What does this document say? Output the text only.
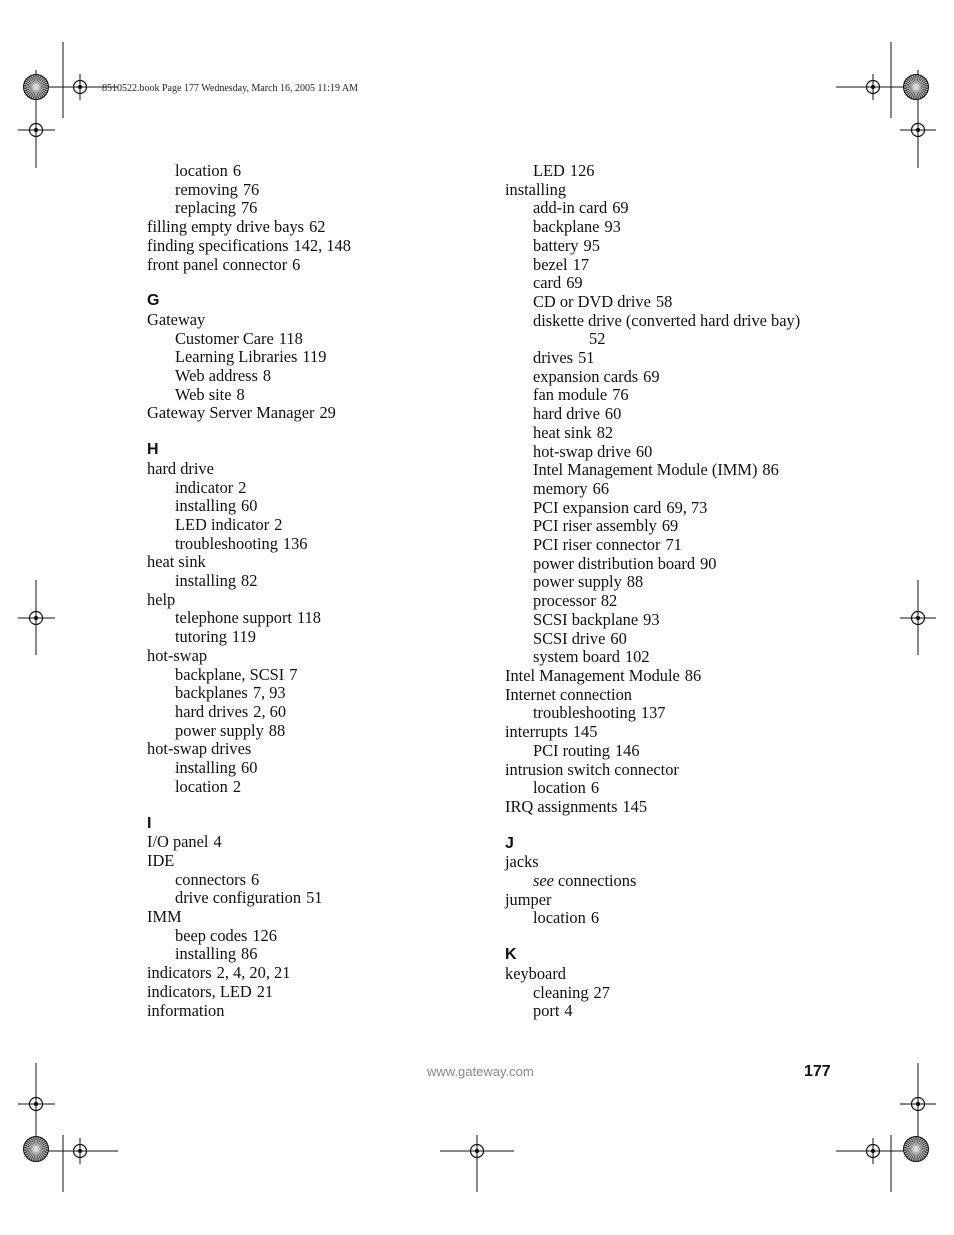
8510522.book Page 177 Wednesday, March 16, 2005 11:19 AM
location 6
removing 76
replacing 76
filling empty drive bays 62
finding specifications 142, 148
front panel connector 6
G
Gateway
Customer Care 118
Learning Libraries 119
Web address 8
Web site 8
Gateway Server Manager 29
H
hard drive
indicator 2
installing 60
LED indicator 2
troubleshooting 136
heat sink
installing 82
help
telephone support 118
tutoring 119
hot-swap
backplane, SCSI 7
backplanes 7, 93
hard drives 2, 60
power supply 88
hot-swap drives
installing 60
location 2
I
I/O panel 4
IDE
connectors 6
drive configuration 51
IMM
beep codes 126
installing 86
indicators 2, 4, 20, 21
indicators, LED 21
information
LED 126
installing
add-in card 69
backplane 93
battery 95
bezel 17
card 69
CD or DVD drive 58
diskette drive (converted hard drive bay)
52
drives 51
expansion cards 69
fan module 76
hard drive 60
heat sink 82
hot-swap drive 60
Intel Management Module (IMM) 86
memory 66
PCI expansion card 69, 73
PCI riser assembly 69
PCI riser connector 71
power distribution board 90
power supply 88
processor 82
SCSI backplane 93
SCSI drive 60
system board 102
Intel Management Module 86
Internet connection
troubleshooting 137
interrupts 145
PCI routing 146
intrusion switch connector
location 6
IRQ assignments 145
J
jacks
see connections
jumper
location 6
K
keyboard
cleaning 27
port 4
www.gateway.com	177
